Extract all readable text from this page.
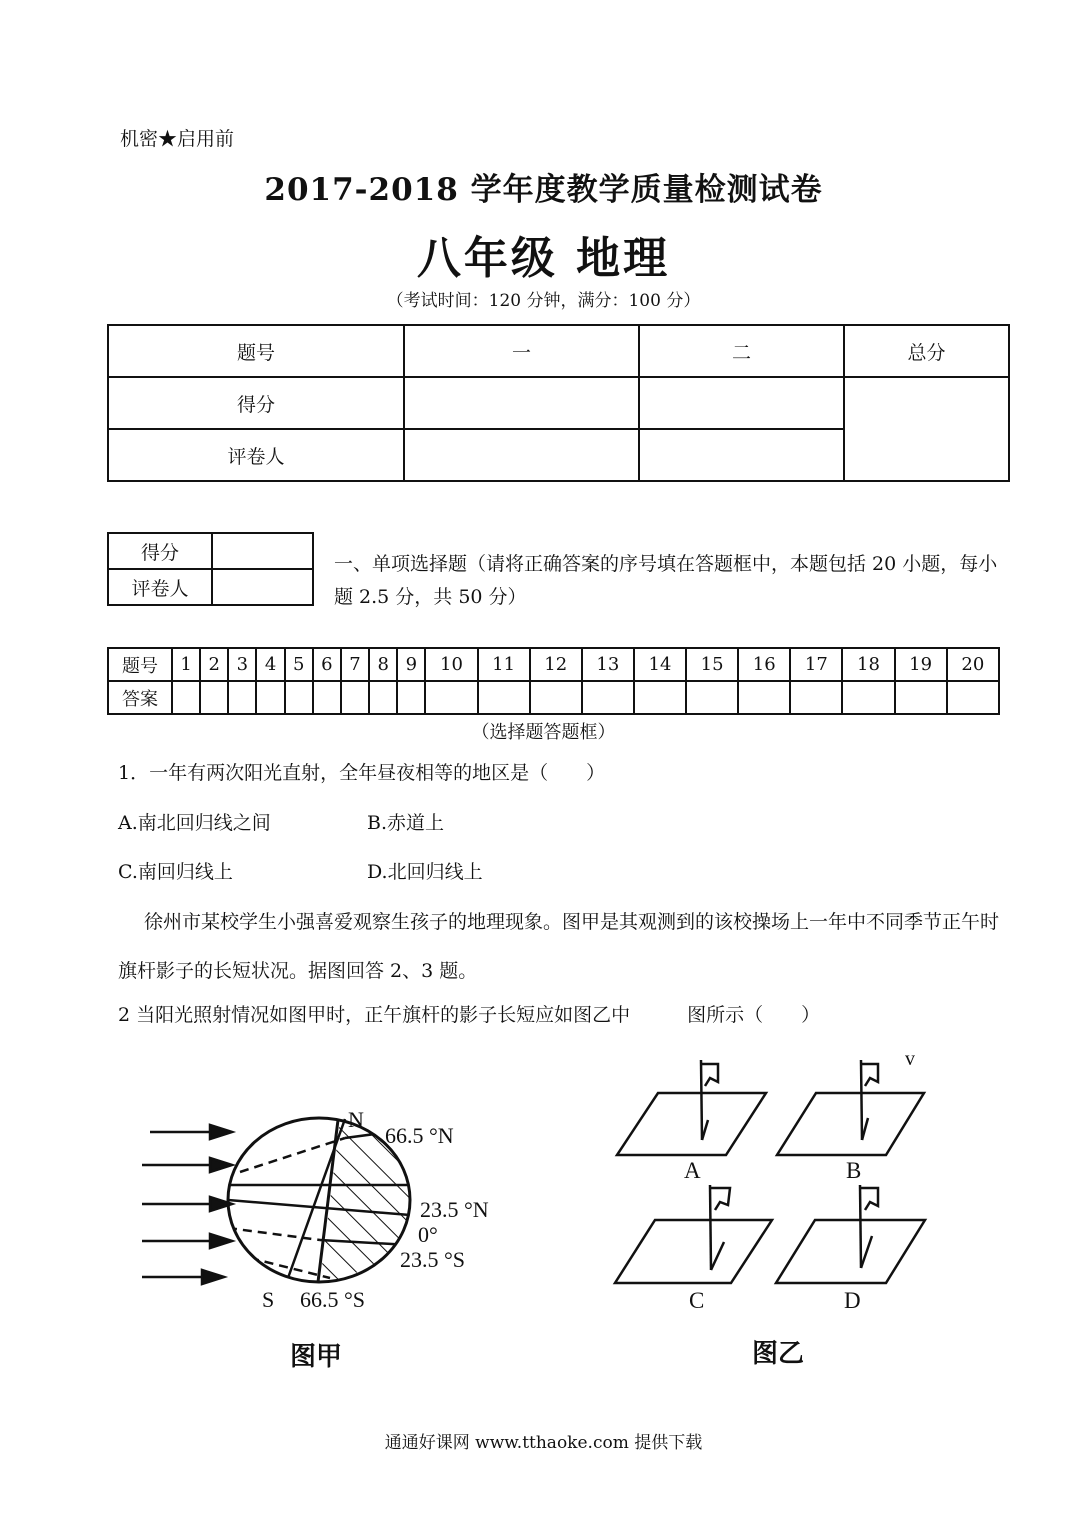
机密★启用前
2017-2018 学年度教学质量检测试卷
八年级 地理
（考试时间：120 分钟，满分：100 分）
题号	一	二	总分
得分			
评卷人			
得分	
评卷人	
一、单项选择题（请将正确答案的序号填在答题框中，本题包括 20 小题，每小题 2.5 分，共 50 分）
题号	1	2	3	4	5	6	7	8	9	10	11	12	13	14	15	16	17	18	19	20
答案																				
（选择题答题框）
1．一年有两次阳光直射，全年昼夜相等的地区是（　　）
A.南北回归线之间	B.赤道上
C.南回归线上	D.北回归线上
徐州市某校学生小强喜爱观察生孩子的地理现象。图甲是其观测到的该校操场上一年中不同季节正午时旗杆影子的长短状况。据图回答 2、3 题。
2 当阳光照射情况如图甲时，正午旗杆的影子长短应如图乙中　　　图所示（　　）
N
66.5 °N
23.5 °N
0°
23.5 °S
S 66.5 °S
图甲
A	B
C	D
v
图乙
通通好课网 www.tthaoke.com 提供下载
